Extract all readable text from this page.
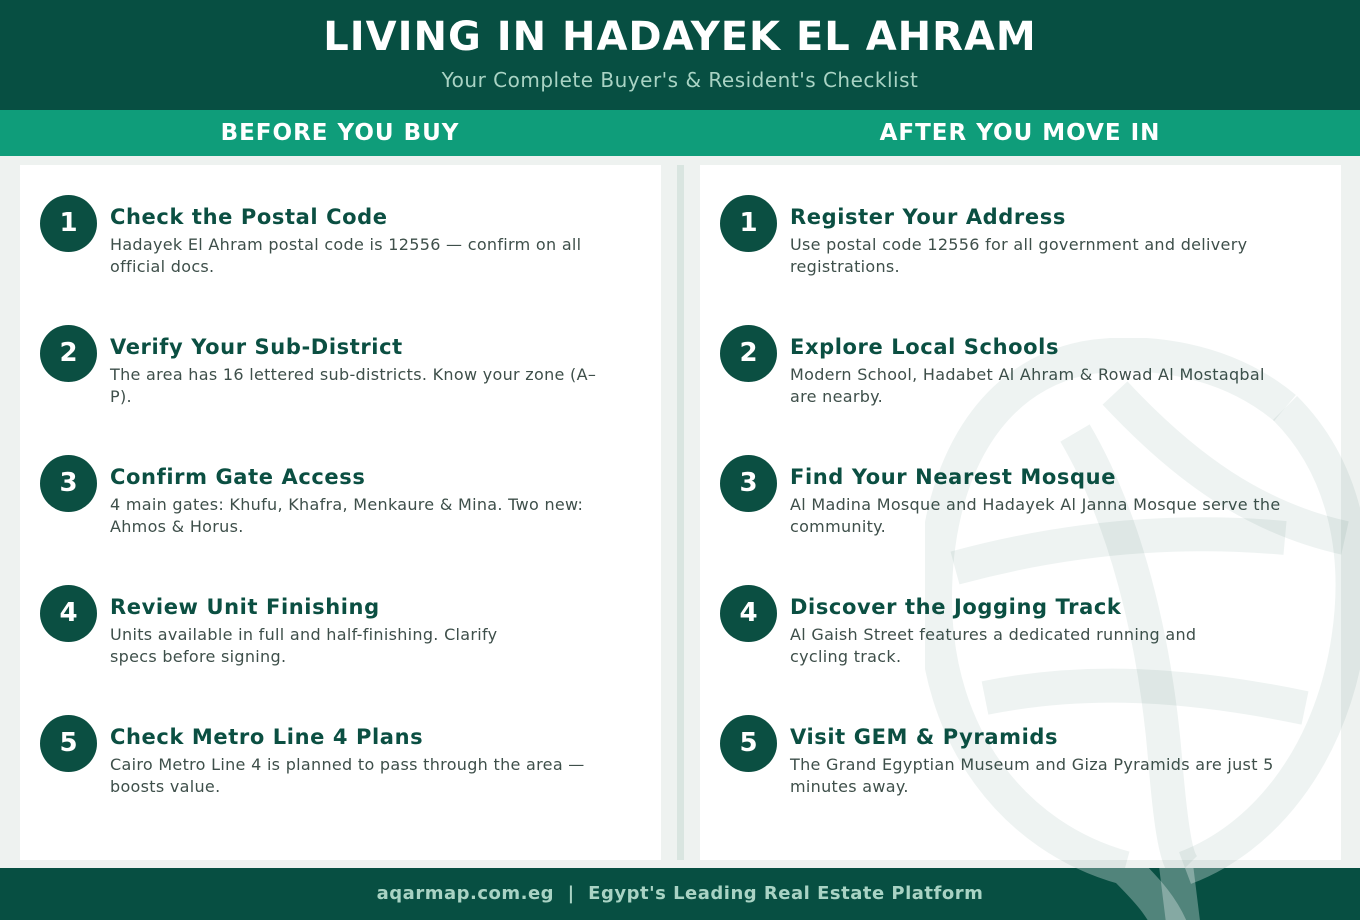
LIVING IN HADAYEK EL AHRAM
Your Complete Buyer's & Resident's Checklist
BEFORE YOU BUY	AFTER YOU MOVE IN
1	Check the Postal Code
Hadayek El Ahram postal code is 12556 — confirm on all official docs.
2	Verify Your Sub-District
The area has 16 lettered sub-districts. Know your zone (A–P).
3	Confirm Gate Access
4 main gates: Khufu, Khafra, Menkaure & Mina. Two new: Ahmos & Horus.
4	Review Unit Finishing
Units available in full and half-finishing. Clarify specs before signing.
5	Check Metro Line 4 Plans
Cairo Metro Line 4 is planned to pass through the area — boosts value.
1	Register Your Address
Use postal code 12556 for all government and delivery registrations.
2	Explore Local Schools
Modern School, Hadabet Al Ahram & Rowad Al Mostaqbal are nearby.
3	Find Your Nearest Mosque
Al Madina Mosque and Hadayek Al Janna Mosque serve the community.
4	Discover the Jogging Track
Al Gaish Street features a dedicated running and cycling track.
5	Visit GEM & Pyramids
The Grand Egyptian Museum and Giza Pyramids are just 5 minutes away.
aqarmap.com.eg  |  Egypt's Leading Real Estate Platform
